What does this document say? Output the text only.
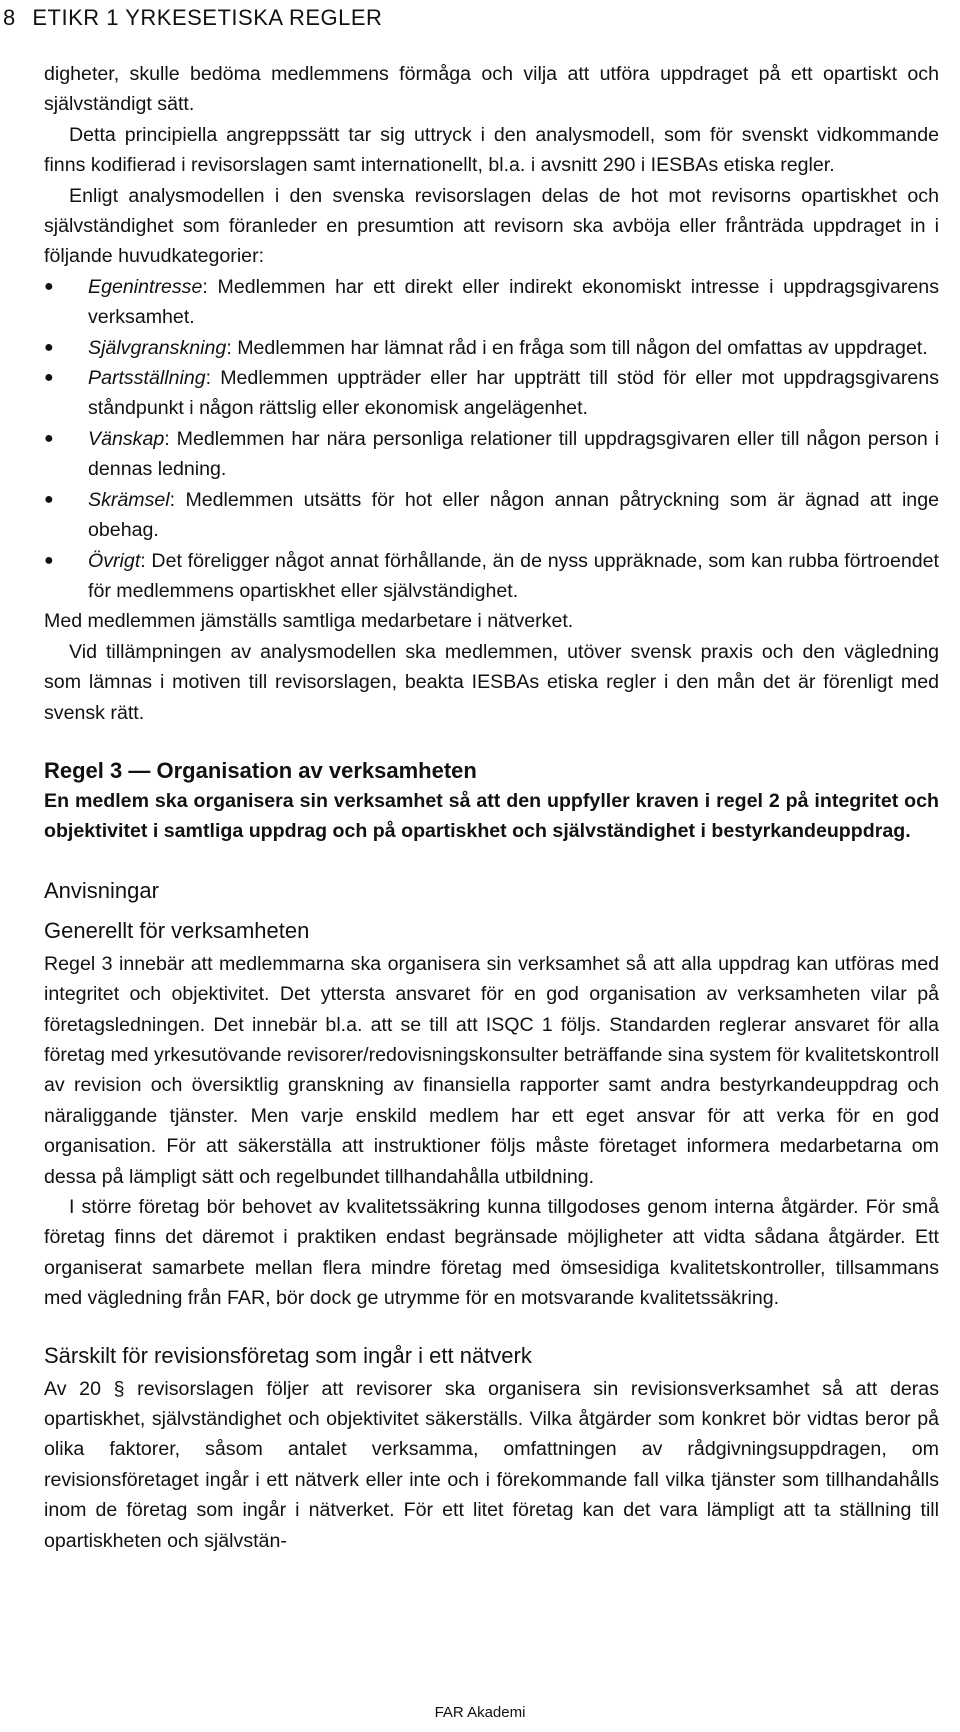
8 ETIKR 1 YRKESETISKA REGLER

digheter, skulle bedöma medlemmens förmåga och vilja att utföra uppdraget på ett opartiskt och självständigt sätt.

Detta principiella angreppssätt tar sig uttryck i den analysmodell, som för svenskt vidkommande finns kodifierad i revisorslagen samt internationellt, bl.a. i avsnitt 290 i IESBAs etiska regler.

Enligt analysmodellen i den svenska revisorslagen delas de hot mot revisorns opartiskhet och självständighet som föranleder en presumtion att revisorn ska avböja eller frånträda uppdraget in i följande huvudkategorier:

● Egenintresse: Medlemmen har ett direkt eller indirekt ekonomiskt intresse i uppdragsgivarens verksamhet.
● Självgranskning: Medlemmen har lämnat råd i en fråga som till någon del omfattas av uppdraget.
● Partsställning: Medlemmen uppträder eller har uppträtt till stöd för eller mot uppdragsgivarens ståndpunkt i någon rättslig eller ekonomisk angelägenhet.
● Vänskap: Medlemmen har nära personliga relationer till uppdragsgivaren eller till någon person i dennas ledning.
● Skrämsel: Medlemmen utsätts för hot eller någon annan påtryckning som är ägnad att inge obehag.
● Övrigt: Det föreligger något annat förhållande, än de nyss uppräknade, som kan rubba förtroendet för medlemmens opartiskhet eller självständighet.

Med medlemmen jämställs samtliga medarbetare i nätverket.

Vid tillämpningen av analysmodellen ska medlemmen, utöver svensk praxis och den vägledning som lämnas i motiven till revisorslagen, beakta IESBAs etiska regler i den mån det är förenligt med svensk rätt.

Regel 3 — Organisation av verksamheten

En medlem ska organisera sin verksamhet så att den uppfyller kraven i regel 2 på integritet och objektivitet i samtliga uppdrag och på opartiskhet och självständighet i bestyrkandeuppdrag.

Anvisningar
Generellt för verksamheten

Regel 3 innebär att medlemmarna ska organisera sin verksamhet så att alla uppdrag kan utföras med integritet och objektivitet. Det yttersta ansvaret för en god organisation av verksamheten vilar på företagsledningen. Det innebär bl.a. att se till att ISQC 1 följs. Standarden reglerar ansvaret för alla företag med yrkesutövande revisorer/redovisningskonsulter beträffande sina system för kvalitetskontroll av revision och översiktlig granskning av finansiella rapporter samt andra bestyrkandeuppdrag och näraliggande tjänster. Men varje enskild medlem har ett eget ansvar för att verka för en god organisation. För att säkerställa att instruktioner följs måste företaget informera medarbetarna om dessa på lämpligt sätt och regelbundet tillhandahålla utbildning.

I större företag bör behovet av kvalitetssäkring kunna tillgodoses genom interna åtgärder. För små företag finns det däremot i praktiken endast begränsade möjligheter att vidta sådana åtgärder. Ett organiserat samarbete mellan flera mindre företag med ömsesidiga kvalitetskontroller, tillsammans med vägledning från FAR, bör dock ge utrymme för en motsvarande kvalitetssäkring.

Särskilt för revisionsföretag som ingår i ett nätverk

Av 20 § revisorslagen följer att revisorer ska organisera sin revisionsverksamhet så att deras opartiskhet, självständighet och objektivitet säkerställs. Vilka åtgärder som konkret bör vidtas beror på olika faktorer, såsom antalet verksamma, omfattningen av rådgivningsuppdragen, om revisionsföretaget ingår i ett nätverk eller inte och i förekommande fall vilka tjänster som tillhandahålls inom de företag som ingår i nätverket. För ett litet företag kan det vara lämpligt att ta ställning till opartiskheten och självstän-

FAR Akademi
